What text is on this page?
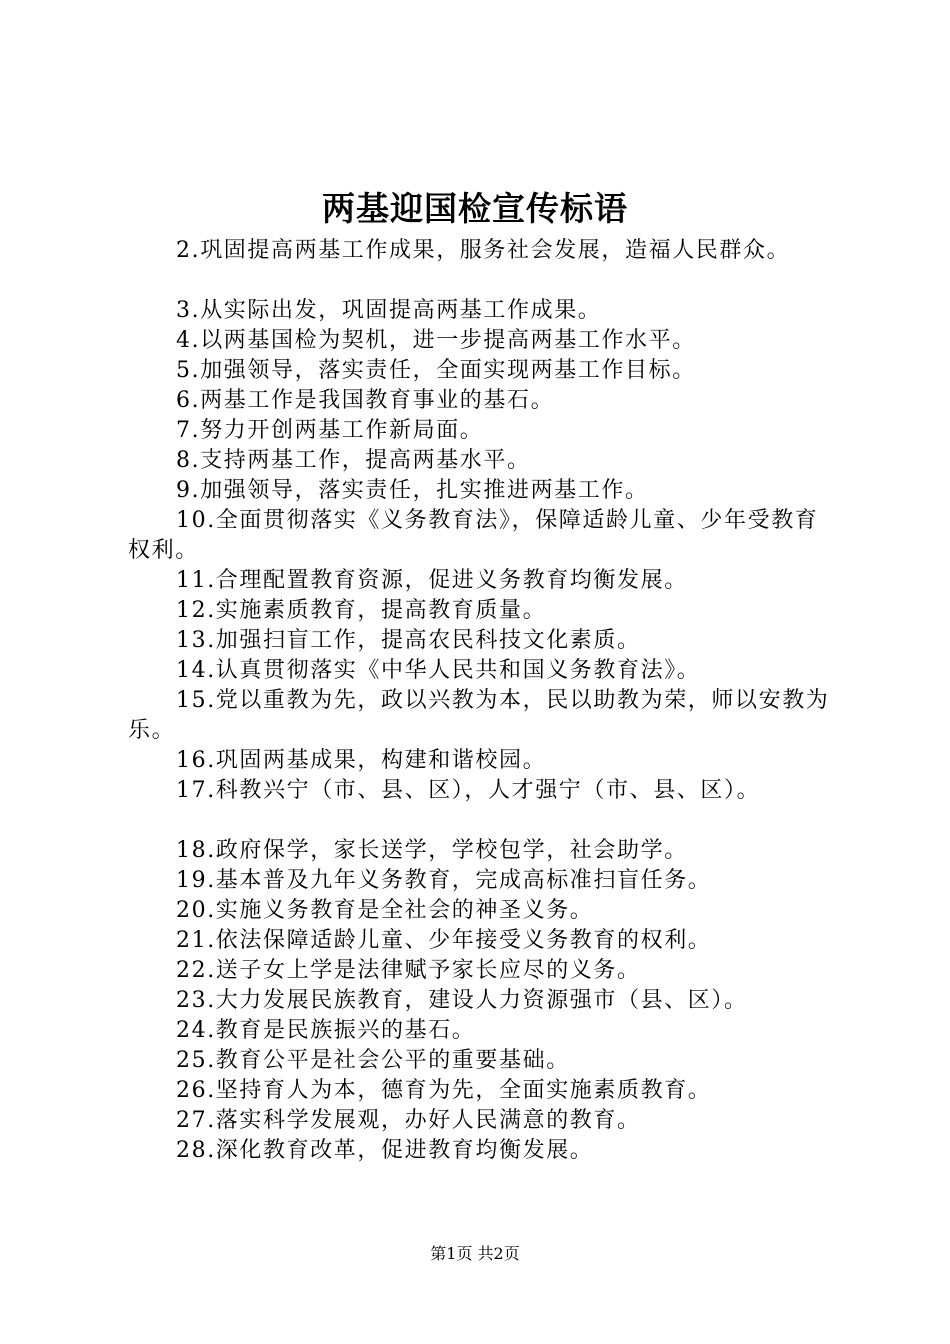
两基迎国检宣传标语

2.巩固提高两基工作成果，服务社会发展，造福人民群众。

3.从实际出发，巩固提高两基工作成果。

4.以两基国检为契机，进一步提高两基工作水平。

5.加强领导，落实责任，全面实现两基工作目标。

6.两基工作是我国教育事业的基石。

7.努力开创两基工作新局面。

8.支持两基工作，提高两基水平。

9.加强领导，落实责任，扎实推进两基工作。

10.全面贯彻落实《义务教育法》，保障适龄儿童、少年受教育权利。

11.合理配置教育资源，促进义务教育均衡发展。

12.实施素质教育，提高教育质量。

13.加强扫盲工作，提高农民科技文化素质。

14.认真贯彻落实《中华人民共和国义务教育法》。

15.党以重教为先，政以兴教为本，民以助教为荣，师以安教为乐。

16.巩固两基成果，构建和谐校园。

17.科教兴宁（市、县、区），人才强宁（市、县、区）。

18.政府保学，家长送学，学校包学，社会助学。

19.基本普及九年义务教育，完成高标准扫盲任务。

20.实施义务教育是全社会的神圣义务。

21.依法保障适龄儿童、少年接受义务教育的权利。

22.送子女上学是法律赋予家长应尽的义务。

23.大力发展民族教育，建设人力资源强市（县、区）。

24.教育是民族振兴的基石。

25.教育公平是社会公平的重要基础。

26.坚持育人为本，德育为先，全面实施素质教育。

27.落实科学发展观，办好人民满意的教育。

28.深化教育改革，促进教育均衡发展。

第1页 共2页
